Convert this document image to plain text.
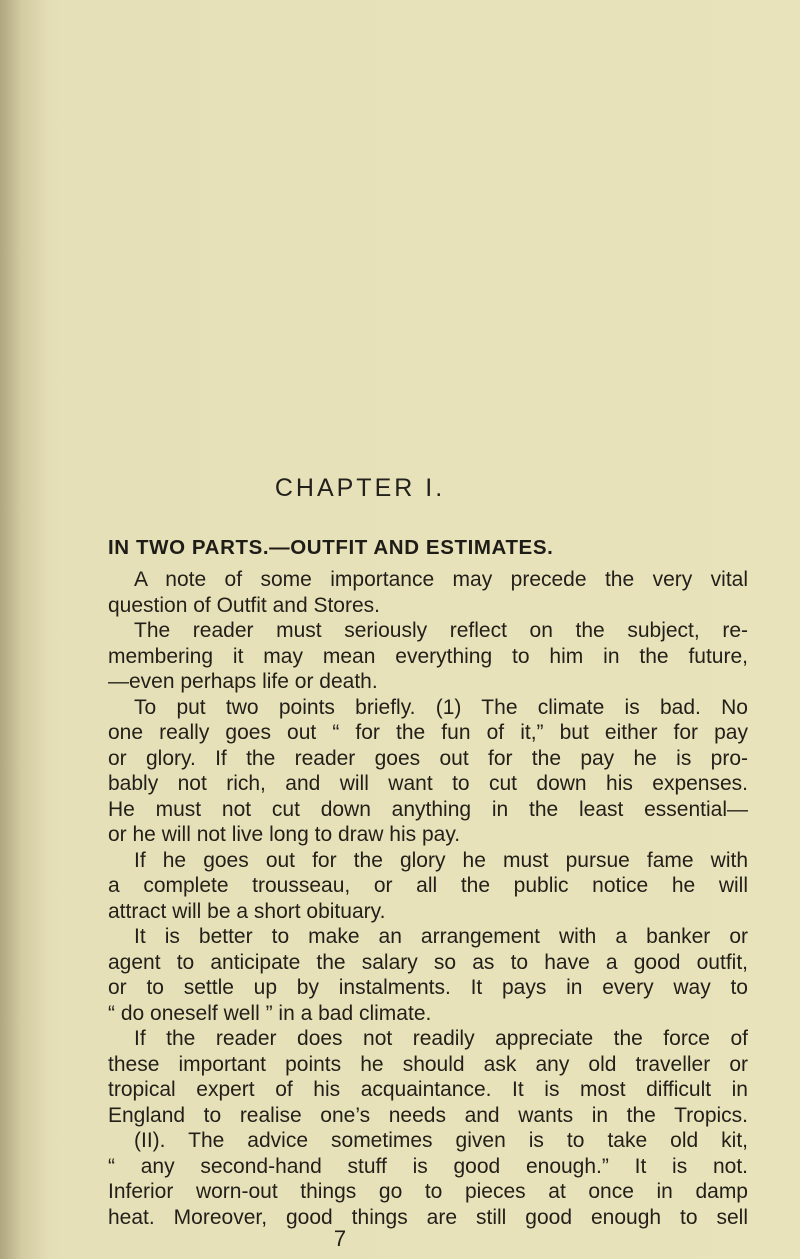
CHAPTER I.
IN TWO PARTS.—OUTFIT AND ESTIMATES.
A note of some importance may precede the very vital
question of Outfit and Stores.
The reader must seriously reflect on the subject, re-
membering it may mean everything to him in the future,
—even perhaps life or death.
To put two points briefly. (1) The climate is bad. No
one really goes out “ for the fun of it,” but either for pay
or glory. If the reader goes out for the pay he is pro-
bably not rich, and will want to cut down his expenses.
He must not cut down anything in the least essential—
or he will not live long to draw his pay.
If he goes out for the glory he must pursue fame with
a complete trousseau, or all the public notice he will
attract will be a short obituary.
It is better to make an arrangement with a banker or
agent to anticipate the salary so as to have a good outfit,
or to settle up by instalments. It pays in every way to
“ do oneself well ” in a bad climate.
If the reader does not readily appreciate the force of
these important points he should ask any old traveller or
tropical expert of his acquaintance. It is most difficult in
England to realise one’s needs and wants in the Tropics.
(II). The advice sometimes given is to take old kit,
“ any second-hand stuff is good enough.” It is not.
Inferior worn-out things go to pieces at once in damp
heat. Moreover, good things are still good enough to sell
7
